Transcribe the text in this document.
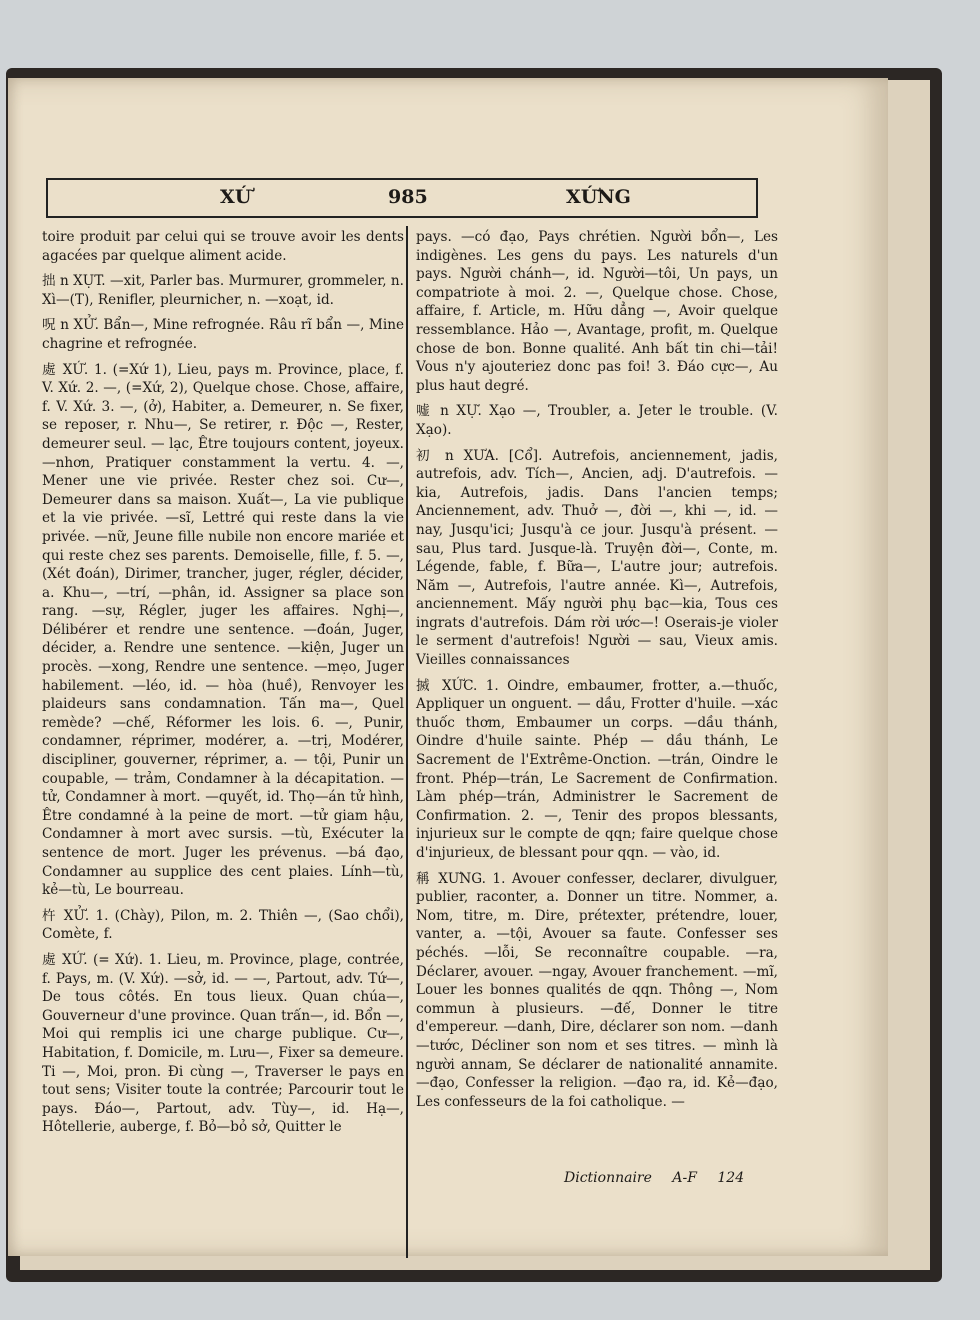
XỨ	985	XỨNG

toire produit par celui qui se trouve avoir les dents agacées par quelque aliment acide.

拙 n XỤT. —xit, Parler bas. Murmurer, grommeler, n. Xì—(T), Renifler, pleurnicher, n. —xoạt, id.

呪 n XỬ. Bẩn—, Mine refrognée. Râu rĩ bẩn —, Mine chagrine et refrognée.

處 XỨ. 1. (=Xứ 1), Lieu, pays m. Province, place, f. V. Xứ. 2. —, (=Xứ, 2), Quelque chose. Chose, affaire, f. V. Xứ. 3. —, (ở), Habiter, a. Demeurer, n. Se fixer, se reposer, r. Nhu—, Se retirer, r. Độc —, Rester, demeurer seul. — lạc, Être toujours content, joyeux. —nhơn, Pratiquer constamment la vertu. 4. —, Mener une vie privée. Rester chez soi. Cư—, Demeurer dans sa maison. Xuất—, La vie publique et la vie privée. —sĩ, Lettré qui reste dans la vie privée. —nữ, Jeune fille nubile non encore mariée et qui reste chez ses parents. Demoiselle, fille, f. 5. —, (Xét đoán), Dirimer, trancher, juger, régler, décider, a. Khu—, —trí, —phân, id. Assigner sa place son rang. —sự, Régler, juger les affaires. Nghị—, Délibérer et rendre une sentence. —đoán, Juger, décider, a. Rendre une sentence. —kiện, Juger un procès. —xong, Rendre une sentence. —mẹo, Juger habilement. —léo, id. — hòa (huề), Renvoyer les plaideurs sans condamnation. Tấn ma—, Quel remède? —chế, Réformer les lois. 6. —, Punir, condamner, réprimer, modérer, a. —trị, Modérer, discipliner, gouverner, réprimer, a. — tội, Punir un coupable, — trảm, Condamner à la décapitation. —tử, Condamner à mort. —quyết, id. Thọ—án tử hình, Être condamné à la peine de mort. —tử giam hậu, Condamner à mort avec sursis. —tù, Exécuter la sentence de mort. Juger les prévenus. —bá đạo, Condamner au supplice des cent plaies. Lính—tù, kẻ—tù, Le bourreau.

杵 XỬ. 1. (Chày), Pilon, m. 2. Thiên —, (Sao chổi), Comète, f.

處 XỨ. (= Xứ). 1. Lieu, m. Province, plage, contrée, f. Pays, m. (V. Xứ). —sở, id. — —, Partout, adv. Tứ—, De tous côtés. En tous lieux. Quan chúa—, Gouverneur d'une province. Quan trấn—, id. Bổn —, Moi qui remplis ici une charge publique. Cư—, Habitation, f. Domicile, m. Lưu—, Fixer sa demeure. Ti —, Moi, pron. Đi cùng —, Traverser le pays en tout sens; Visiter toute la contrée; Parcourir tout le pays. Đáo—, Partout, adv. Tùy—, id. Hạ—, Hôtellerie, auberge, f. Bỏ—bỏ sở, Quitter le

pays. —có đạo, Pays chrétien. Người bổn—, Les indigènes. Les gens du pays. Les naturels d'un pays. Người chánh—, id. Người—tôi, Un pays, un compatriote à moi. 2. —, Quelque chose. Chose, affaire, f. Article, m. Hữu dẳng —, Avoir quelque ressemblance. Hảo —, Avantage, profit, m. Quelque chose de bon. Bonne qualité. Anh bất tin chi—tải! Vous n'y ajouteriez donc pas foi! 3. Đáo cực—, Au plus haut degré.

嘘 n XỰ. Xạo —, Troubler, a. Jeter le trouble. (V. Xạo).

初 n XƯA. [Cổ]. Autrefois, anciennement, jadis, autrefois, adv. Tích—, Ancien, adj. D'autrefois. —kia, Autrefois, jadis. Dans l'ancien temps; Anciennement, adv. Thuở —, đời —, khi —, id. — nay, Jusqu'ici; Jusqu'à ce jour. Jusqu'à présent. — sau, Plus tard. Jusque-là. Truyện đời—, Conte, m. Légende, fable, f. Bữa—, L'autre jour; autrefois. Năm —, Autrefois, l'autre année. Kì—, Autrefois, anciennement. Mấy người phụ bạc—kia, Tous ces ingrats d'autrefois. Dám rời ước—! Oserais-je violer le serment d'autrefois! Người — sau, Vieux amis. Vieilles connaissances

搣 XỨC. 1. Oindre, embaumer, frotter, a.—thuốc, Appliquer un onguent. — dầu, Frotter d'huile. —xác thuốc thơm, Embaumer un corps. —dầu thánh, Oindre d'huile sainte. Phép — dầu thánh, Le Sacrement de l'Extrême-Onction. —trán, Oindre le front. Phép—trán, Le Sacrement de Confirmation. Làm phép—trán, Administrer le Sacrement de Confirmation. 2. —, Tenir des propos blessants, injurieux sur le compte de qqn; faire quelque chose d'injurieux, de blessant pour qqn. — vào, id.

稱 XƯNG. 1. Avouer confesser, declarer, divulguer, publier, raconter, a. Donner un titre. Nommer, a. Nom, titre, m. Dire, prétexter, prétendre, louer, vanter, a. —tội, Avouer sa faute. Confesser ses péchés. —lỗi, Se reconnaître coupable. —ra, Déclarer, avouer. —ngay, Avouer franchement. —mĩ, Louer les bonnes qualités de qqn. Thông —, Nom commun à plusieurs. —đế, Donner le titre d'empereur. —danh, Dire, déclarer son nom. —danh—tước, Décliner son nom et ses titres. — mình là người annam, Se déclarer de nationalité annamite. —đạo, Confesser la religion. —đạo ra, id. Kẻ—đạo, Les confesseurs de la foi catholique. —

Dictionnaire A-F 124
